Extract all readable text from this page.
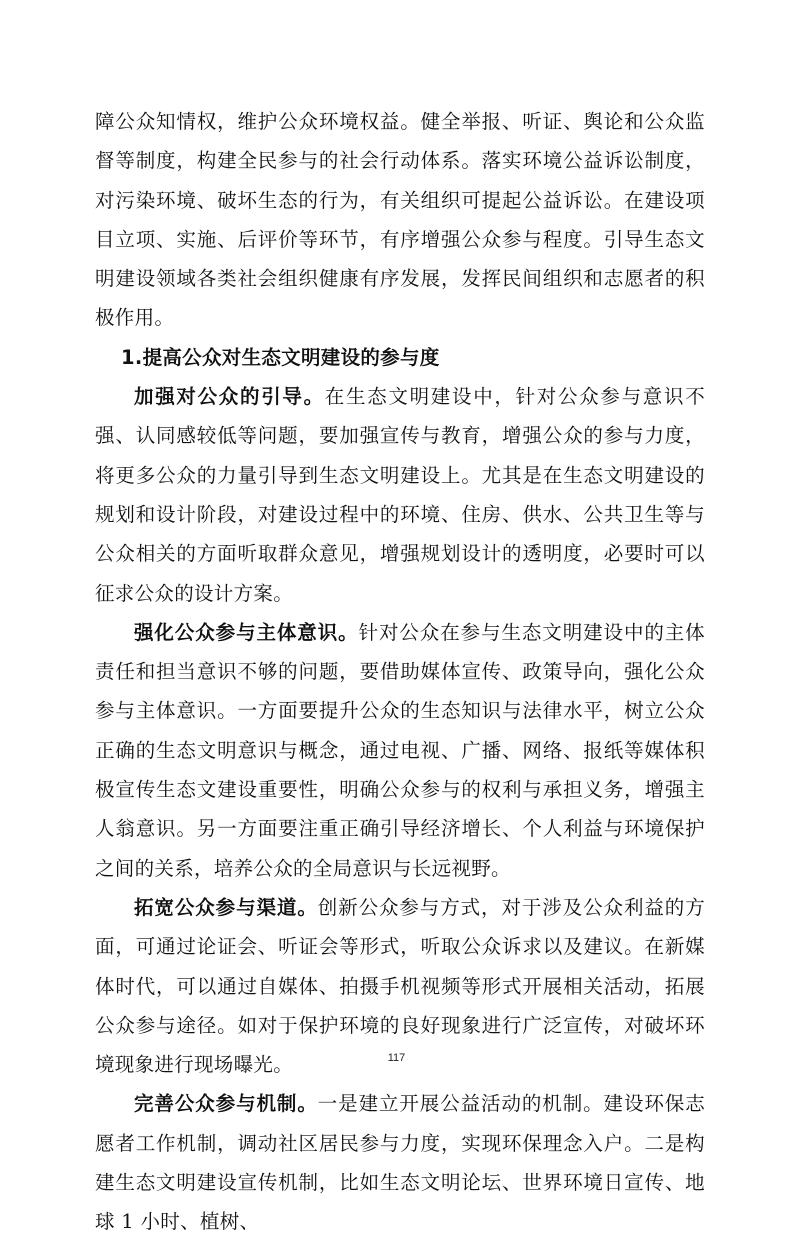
障公众知情权，维护公众环境权益。健全举报、听证、舆论和公众监督等制度，构建全民参与的社会行动体系。落实环境公益诉讼制度，对污染环境、破坏生态的行为，有关组织可提起公益诉讼。在建设项目立项、实施、后评价等环节，有序增强公众参与程度。引导生态文明建设领域各类社会组织健康有序发展，发挥民间组织和志愿者的积极作用。

1.提高公众对生态文明建设的参与度

加强对公众的引导。在生态文明建设中，针对公众参与意识不强、认同感较低等问题，要加强宣传与教育，增强公众的参与力度，将更多公众的力量引导到生态文明建设上。尤其是在生态文明建设的规划和设计阶段，对建设过程中的环境、住房、供水、公共卫生等与公众相关的方面听取群众意见，增强规划设计的透明度，必要时可以征求公众的设计方案。

强化公众参与主体意识。针对公众在参与生态文明建设中的主体责任和担当意识不够的问题，要借助媒体宣传、政策导向，强化公众参与主体意识。一方面要提升公众的生态知识与法律水平，树立公众正确的生态文明意识与概念，通过电视、广播、网络、报纸等媒体积极宣传生态文建设重要性，明确公众参与的权利与承担义务，增强主人翁意识。另一方面要注重正确引导经济增长、个人利益与环境保护之间的关系，培养公众的全局意识与长远视野。

拓宽公众参与渠道。创新公众参与方式，对于涉及公众利益的方面，可通过论证会、听证会等形式，听取公众诉求以及建议。在新媒体时代，可以通过自媒体、拍摄手机视频等形式开展相关活动，拓展公众参与途径。如对于保护环境的良好现象进行广泛宣传，对破坏环境现象进行现场曝光。

完善公众参与机制。一是建立开展公益活动的机制。建设环保志愿者工作机制，调动社区居民参与力度，实现环保理念入户。二是构建生态文明建设宣传机制，比如生态文明论坛、世界环境日宣传、地球 1 小时、植树、

117
